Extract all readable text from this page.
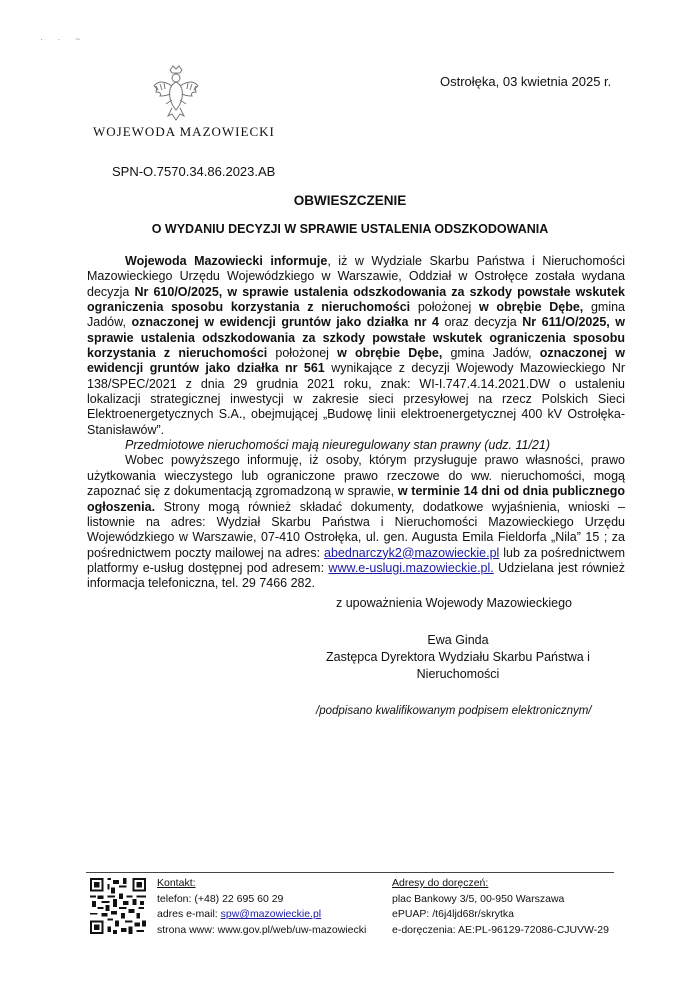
· · ~
WOJEWODA MAZOWIECKI
Ostrołęka, 03 kwietnia 2025 r.
SPN-O.7570.34.86.2023.AB
OBWIESZCZENIE
O WYDANIU DECYZJI W SPRAWIE USTALENIA ODSZKODOWANIA

Wojewoda Mazowiecki informuje, iż w Wydziale Skarbu Państwa i Nieruchomości Mazowieckiego Urzędu Wojewódzkiego w Warszawie, Oddział w Ostrołęce została wydana decyzja Nr 610/O/2025, w sprawie ustalenia odszkodowania za szkody powstałe wskutek ograniczenia sposobu korzystania z nieruchomości położonej w obrębie Dębe, gmina Jadów, oznaczonej w ewidencji gruntów jako działka nr 4 oraz decyzja Nr 611/O/2025, w sprawie ustalenia odszkodowania za szkody powstałe wskutek ograniczenia sposobu korzystania z nieruchomości położonej w obrębie Dębe, gmina Jadów, oznaczonej w ewidencji gruntów jako działka nr 561 wynikające z decyzji Wojewody Mazowieckiego Nr 138/SPEC/2021 z dnia 29 grudnia 2021 roku, znak: WI-I.747.4.14.2021.DW o ustaleniu lokalizacji strategicznej inwestycji w zakresie sieci przesyłowej na rzecz Polskich Sieci Elektroenergetycznych S.A., obejmującej „Budowę linii elektroenergetycznej 400 kV Ostrołęka-Stanisławów”.

Przedmiotowe nieruchomości mają nieuregulowany stan prawny (udz. 11/21)

Wobec powyższego informuję, iż osoby, którym przysługuje prawo własności, prawo użytkowania wieczystego lub ograniczone prawo rzeczowe do ww. nieruchomości, mogą zapoznać się z dokumentacją zgromadzoną w sprawie, w terminie 14 dni od dnia publicznego ogłoszenia. Strony mogą również składać dokumenty, dodatkowe wyjaśnienia, wnioski – listownie na adres: Wydział Skarbu Państwa i Nieruchomości Mazowieckiego Urzędu Wojewódzkiego w Warszawie, 07-410 Ostrołęka, ul. gen. Augusta Emila Fieldorfa „Nila” 15 ; za pośrednictwem poczty mailowej na adres: abednarczyk2@mazowieckie.pl lub za pośrednictwem platformy e-usług dostępnej pod adresem: www.e-uslugi.mazowieckie.pl. Udzielana jest również informacja telefoniczna, tel. 29 7466 282.

z upoważnienia Wojewody Mazowieckiego
Ewa Ginda
Zastępca Dyrektora Wydziału Skarbu Państwa i Nieruchomości
/podpisano kwalifikowanym podpisem elektronicznym/
Kontakt:
telefon: (+48) 22 695 60 29
adres e-mail: spw@mazowieckie.pl
strona www: www.gov.pl/web/uw-mazowiecki
Adresy do doręczeń:
plac Bankowy 3/5, 00-950 Warszawa
ePUAP: /t6j4ljd68r/skrytka
e-doręczenia: AE:PL-96129-72086-CJUVW-29
